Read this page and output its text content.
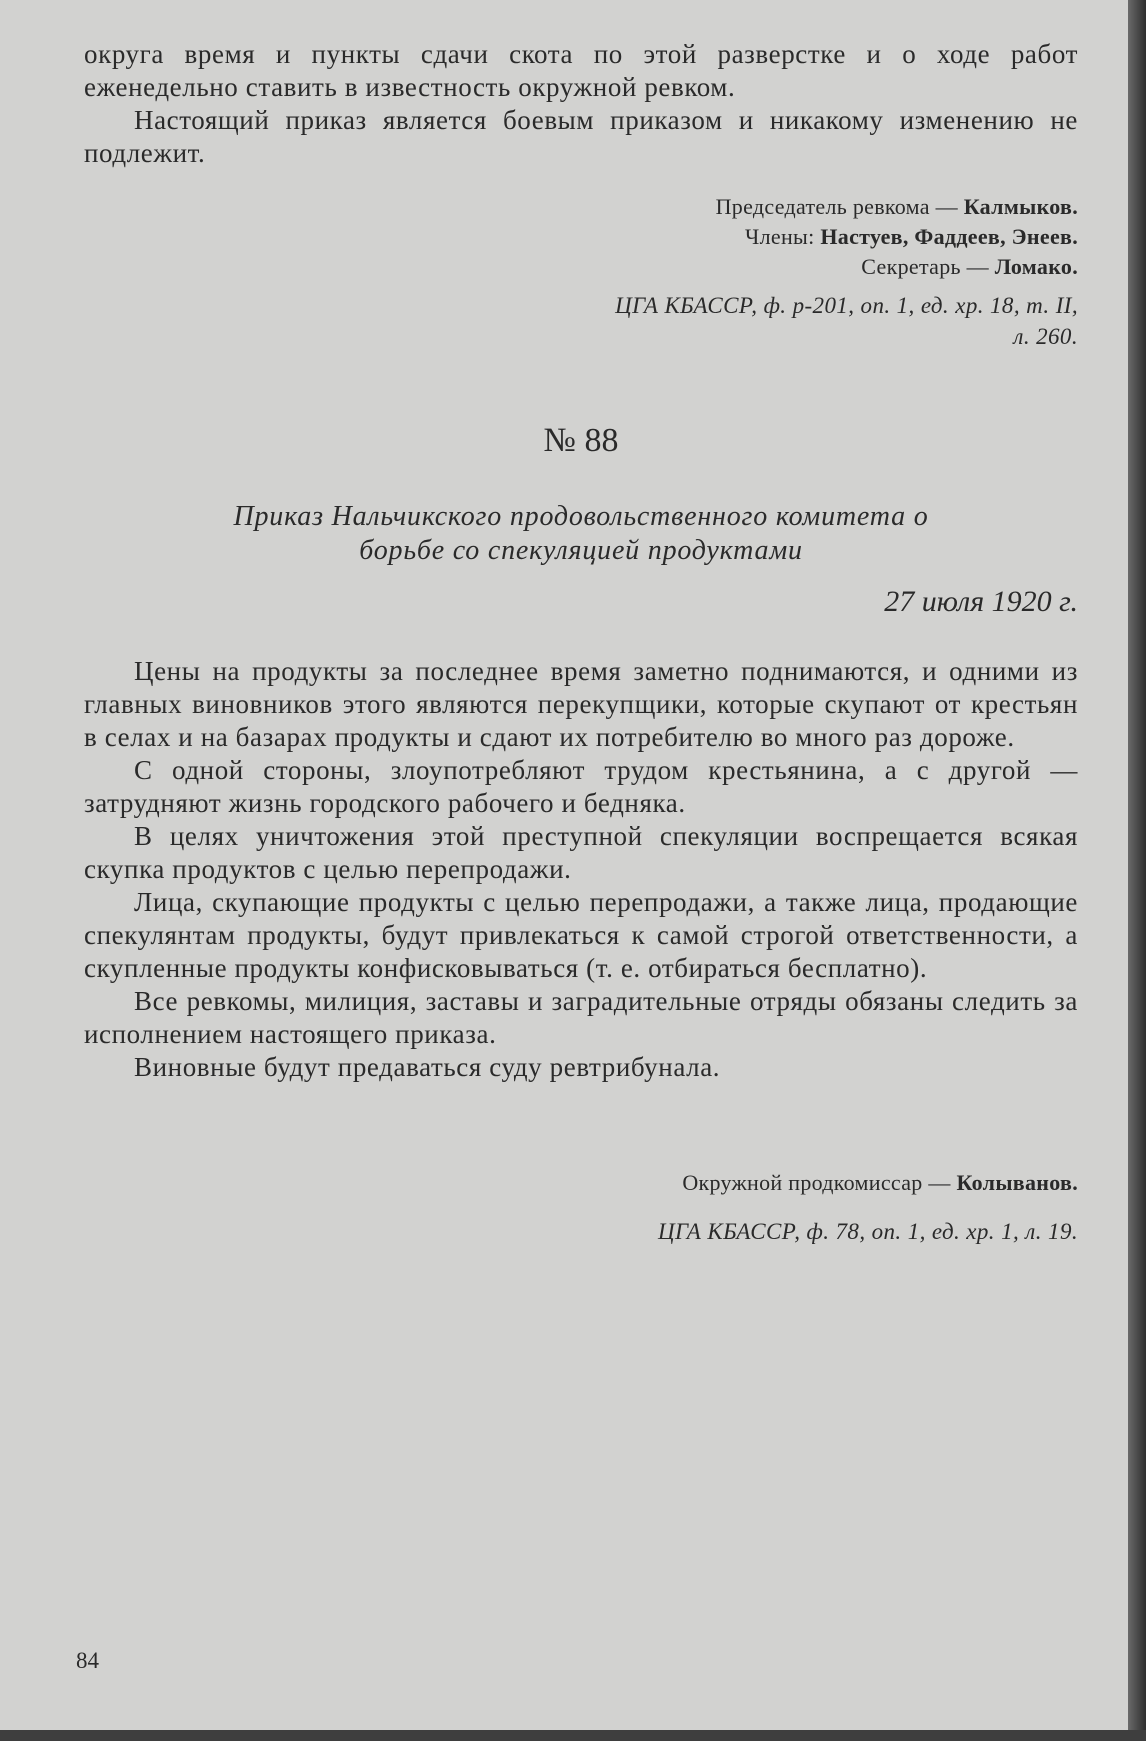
округа время и пункты сдачи скота по этой разверстке и о ходе работ еженедельно ставить в известность окружной ревком.

Настоящий приказ является боевым приказом и никакому изменению не подлежит.

Председатель ревкома — Калмыков.
Члены: Настуев, Фаддеев, Энеев.
Секретарь — Ломако.
ЦГА КБАССР, ф. р-201, оп. 1, ед. хр. 18, т. II,
л. 260.
№ 88
Приказ Нальчикского продовольственного комитета о
борьбе со спекуляцией продуктами
27 июля 1920 г.

Цены на продукты за последнее время заметно поднимаются, и одними из главных виновников этого являются перекупщики, которые скупают от крестьян в селах и на базарах продукты и сдают их потребителю во много раз дороже.

С одной стороны, злоупотребляют трудом крестьянина, а с другой — затрудняют жизнь городского рабочего и бедняка.

В целях уничтожения этой преступной спекуляции воспрещается всякая скупка продуктов с целью перепродажи.

Лица, скупающие продукты с целью перепродажи, а также лица, продающие спекулянтам продукты, будут привлекаться к самой строгой ответственности, а скупленные продукты конфисковываться (т. е. отбираться бесплатно).

Все ревкомы, милиция, заставы и заградительные отряды обязаны следить за исполнением настоящего приказа.

Виновные будут предаваться суду ревтрибунала.

Окружной продкомиссар — Колыванов.
ЦГА КБАССР, ф. 78, оп. 1, ед. хр. 1, л. 19.
84
